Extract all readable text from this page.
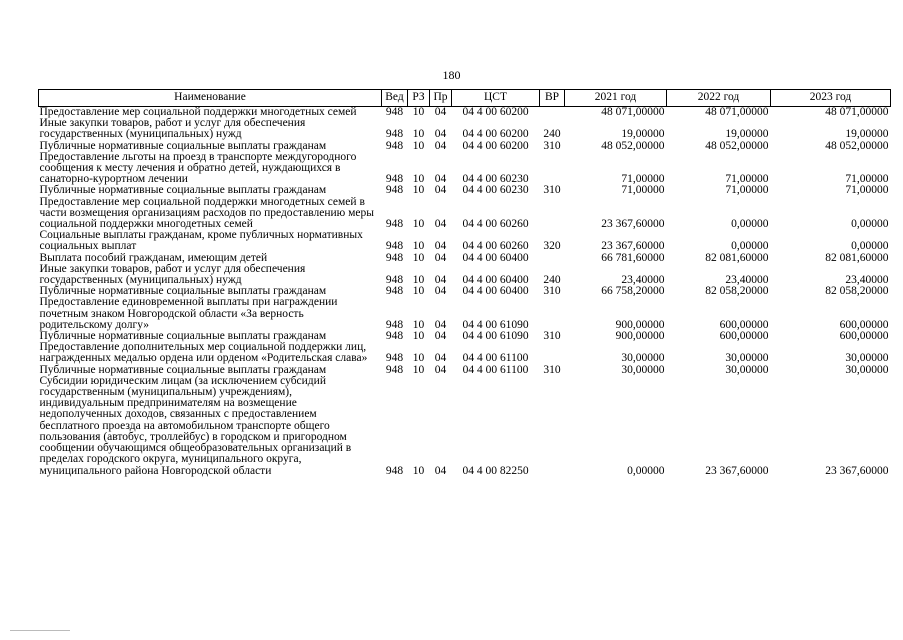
180
Наименование	Вед	РЗ	Пр	ЦСТ	ВР	2021 год	2022 год	2023 год
Предоставление мер социальной поддержки многодетных семей	948	10	04	04 4 00 60200		48 071,00000	48 071,00000	48 071,00000
Иные закупки товаров, работ и услуг для обеспечения государственных (муниципальных) нужд	948	10	04	04 4 00 60200	240	19,00000	19,00000	19,00000
Публичные нормативные социальные выплаты гражданам	948	10	04	04 4 00 60200	310	48 052,00000	48 052,00000	48 052,00000
Предоставление льготы на проезд в транспорте междугородного сообщения к месту лечения и обратно детей, нуждающихся в санаторно-курортном лечении	948	10	04	04 4 00 60230		71,00000	71,00000	71,00000
Публичные нормативные социальные выплаты гражданам	948	10	04	04 4 00 60230	310	71,00000	71,00000	71,00000
Предоставление мер социальной поддержки многодетных семей в части возмещения организациям расходов по предоставлению меры социальной поддержки многодетных семей	948	10	04	04 4 00 60260		23 367,60000	0,00000	0,00000
Социальные выплаты гражданам, кроме публичных нормативных социальных выплат	948	10	04	04 4 00 60260	320	23 367,60000	0,00000	0,00000
Выплата пособий гражданам, имеющим детей	948	10	04	04 4 00 60400		66 781,60000	82 081,60000	82 081,60000
Иные закупки товаров, работ и услуг для обеспечения государственных (муниципальных) нужд	948	10	04	04 4 00 60400	240	23,40000	23,40000	23,40000
Публичные нормативные социальные выплаты гражданам	948	10	04	04 4 00 60400	310	66 758,20000	82 058,20000	82 058,20000
Предоставление единовременной выплаты при награждении почетным знаком Новгородской области «За верность родительскому долгу»	948	10	04	04 4 00 61090		900,00000	600,00000	600,00000
Публичные нормативные социальные выплаты гражданам	948	10	04	04 4 00 61090	310	900,00000	600,00000	600,00000
Предоставление дополнительных мер социальной поддержки лиц, награжденных медалью ордена или орденом «Родительская слава»	948	10	04	04 4 00 61100		30,00000	30,00000	30,00000
Публичные нормативные социальные выплаты гражданам	948	10	04	04 4 00 61100	310	30,00000	30,00000	30,00000
Субсидии юридическим лицам (за исключением субсидий государственным (муниципальным) учреждениям), индивидуальным предпринимателям на возмещение недополученных доходов, связанных с предоставлением бесплатного проезда на автомобильном транспорте общего пользования (автобус, троллейбус) в городском и пригородном сообщении обучающимся общеобразовательных организаций в пределах городского округа, муниципального округа, муниципального района Новгородской области	948	10	04	04 4 00 82250		0,00000	23 367,60000	23 367,60000
